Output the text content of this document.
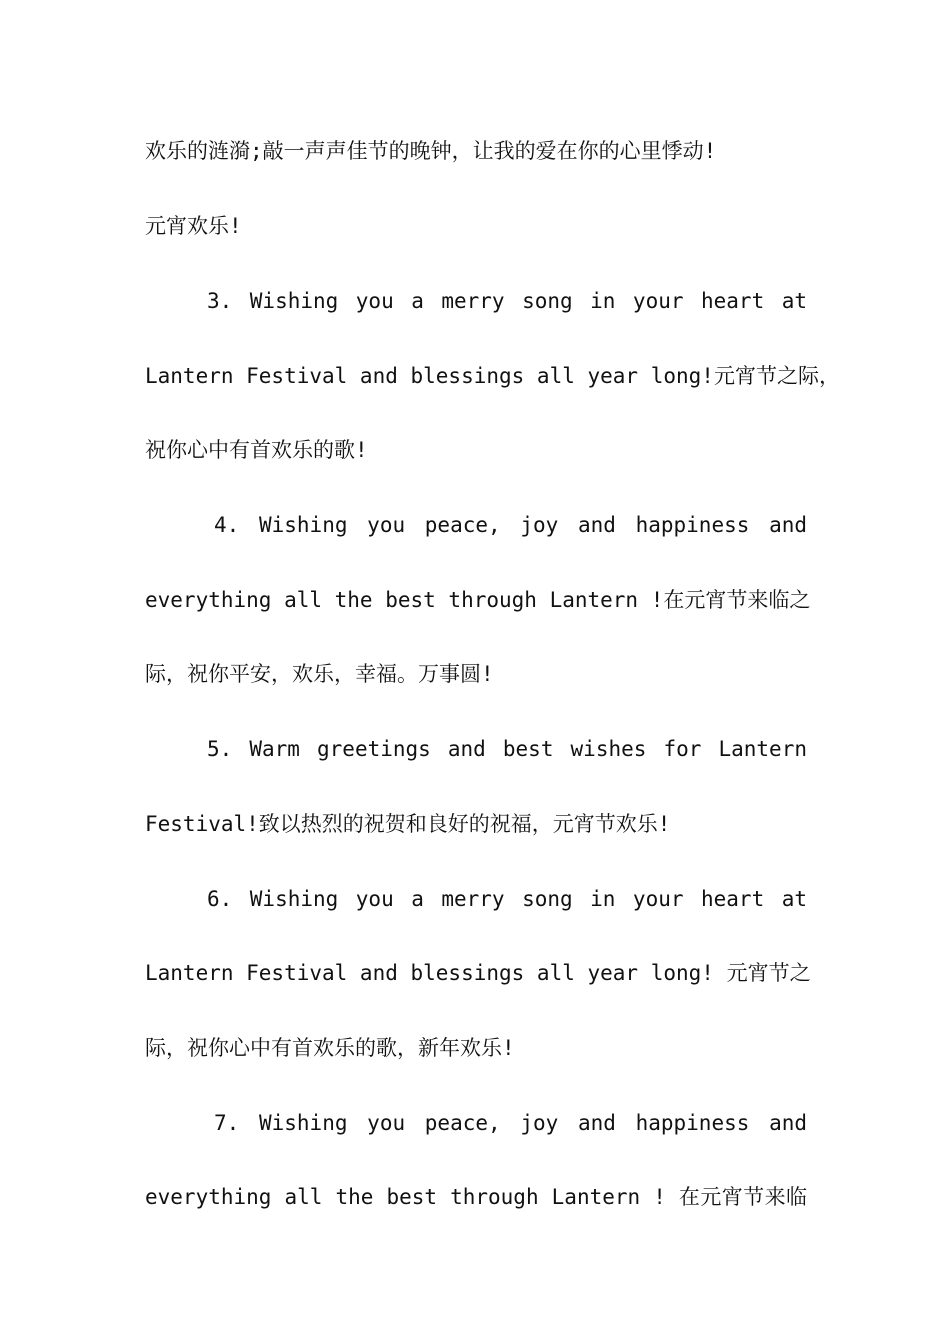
欢乐的涟漪;敲一声声佳节的晚钟，让我的爱在你的心里悸动!
元宵欢乐!
3. Wishing you a merry song in your heart at
Lantern Festival and blessings all year long!元宵节之际，
祝你心中有首欢乐的歌!
4. Wishing you peace, joy and happiness and
everything all the best through Lantern !在元宵节来临之
际，祝你平安，欢乐，幸福。万事圆!
5. Warm greetings and best wishes for Lantern
Festival!致以热烈的祝贺和良好的祝福，元宵节欢乐!
6. Wishing you a merry song in your heart at
Lantern Festival and blessings all year long! 元宵节之
际，祝你心中有首欢乐的歌，新年欢乐!
7. Wishing you peace, joy and happiness and
everything all the best through Lantern ! 在元宵节来临
